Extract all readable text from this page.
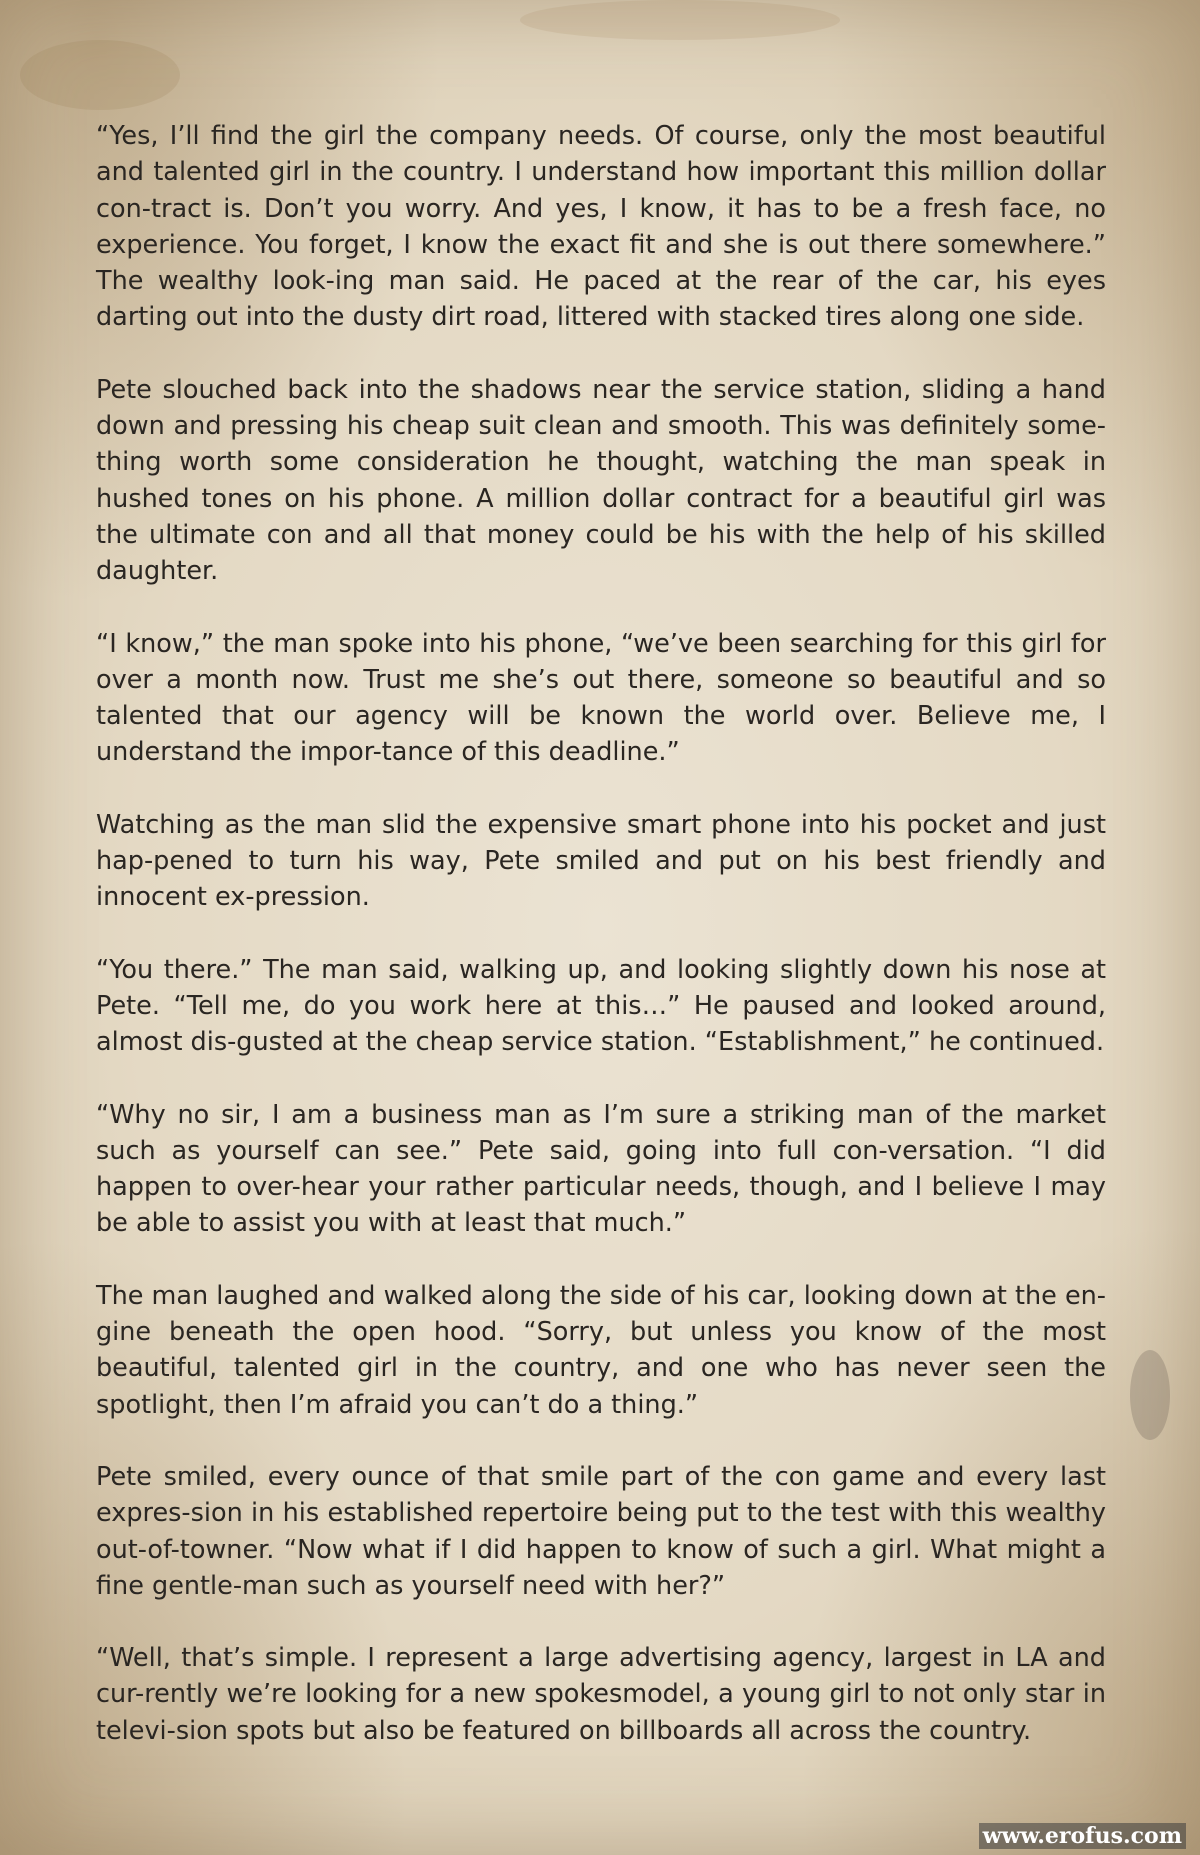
“Yes, I’ll find the girl the company needs. Of course, only the most beautiful and talented girl in the country. I understand how important this million dollar con-tract is. Don’t you worry. And yes, I know, it has to be a fresh face, no experience. You forget, I know the exact fit and she is out there somewhere.” The wealthy look-ing man said. He paced at the rear of the car, his eyes darting out into the dusty dirt road, littered with stacked tires along one side.

Pete slouched back into the shadows near the service station, sliding a hand down and pressing his cheap suit clean and smooth. This was definitely some-thing worth some consideration he thought, watching the man speak in hushed tones on his phone. A million dollar contract for a beautiful girl was the ultimate con and all that money could be his with the help of his skilled daughter.

“I know,” the man spoke into his phone, “we’ve been searching for this girl for over a month now. Trust me she’s out there, someone so beautiful and so talented that our agency will be known the world over. Believe me, I understand the impor-tance of this deadline.”

Watching as the man slid the expensive smart phone into his pocket and just hap-pened to turn his way, Pete smiled and put on his best friendly and innocent ex-pression.

“You there.” The man said, walking up, and looking slightly down his nose at Pete. “Tell me, do you work here at this…” He paused and looked around, almost dis-gusted at the cheap service station. “Establishment,” he continued.

“Why no sir, I am a business man as I’m sure a striking man of the market such as yourself can see.” Pete said, going into full con-versation. “I did happen to over-hear your rather particular needs, though, and I believe I may be able to assist you with at least that much.”

The man laughed and walked along the side of his car, looking down at the en-gine beneath the open hood. “Sorry, but unless you know of the most beautiful, talented girl in the country, and one who has never seen the spotlight, then I’m afraid you can’t do a thing.”

Pete smiled, every ounce of that smile part of the con game and every last expres-sion in his established repertoire being put to the test with this wealthy out-of-towner. “Now what if I did happen to know of such a girl. What might a fine gentle-man such as yourself need with her?”

“Well, that’s simple. I represent a large advertising agency, largest in LA and cur-rently we’re looking for a new spokesmodel, a young girl to not only star in televi-sion spots but also be featured on billboards all across the country.

www.erofus.com
